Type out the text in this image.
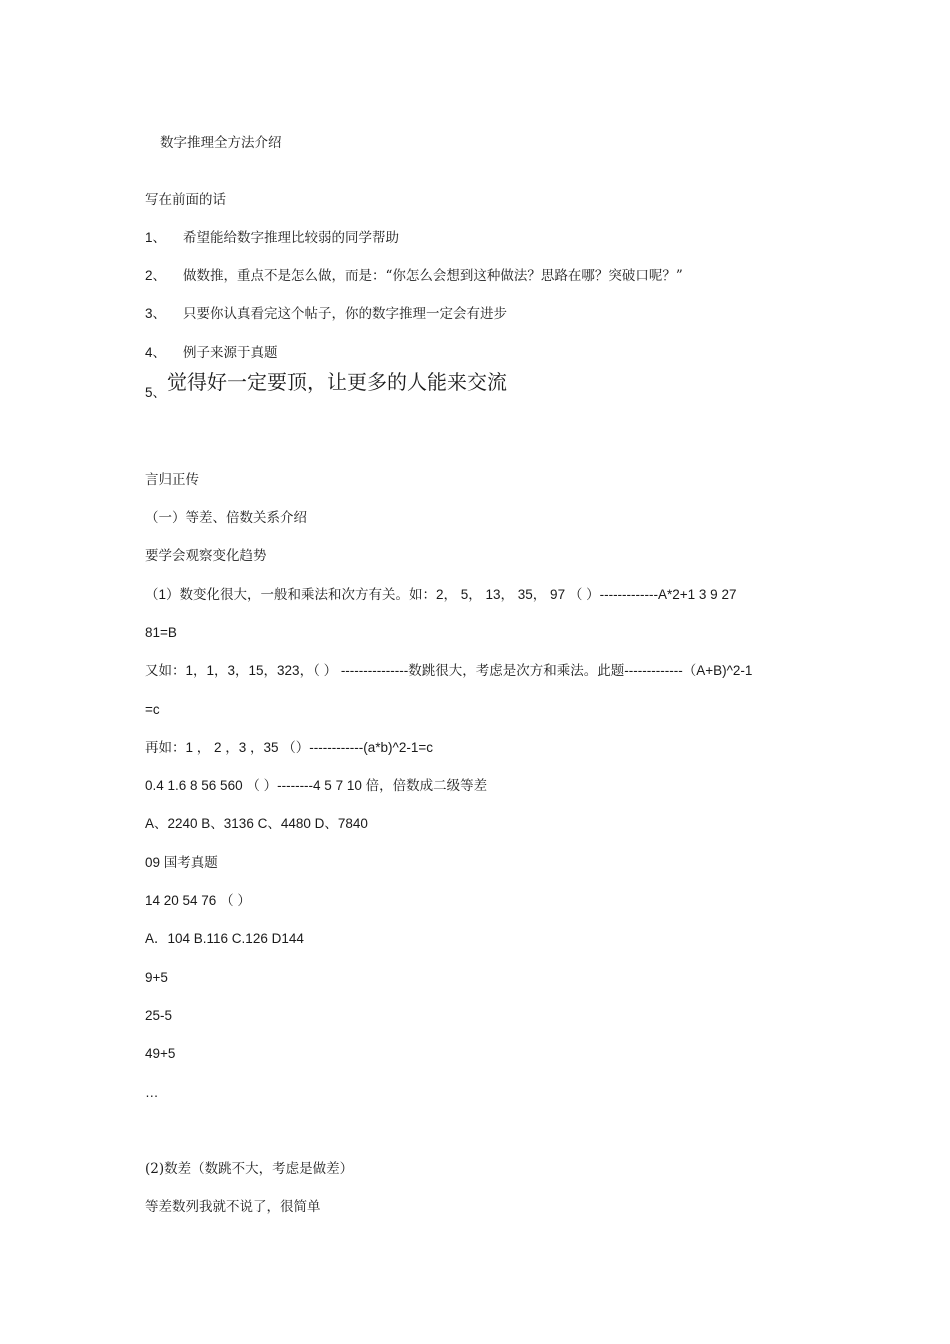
数字推理全方法介绍
写在前面的话
1、 希望能给数字推理比较弱的同学帮助
2、 做数推，重点不是怎么做，而是：“你怎么会想到这种做法？思路在哪？突破口呢？”
3、 只要你认真看完这个帖子，你的数字推理一定会有进步
4、 例子来源于真题
5、觉得好一定要顶，让更多的人能来交流
言归正传
（一）等差、倍数关系介绍
要学会观察变化趋势
（1）数变化很大，一般和乘法和次方有关。如：2， 5， 13， 35， 97 （ ）-------------A*2+1 3 9 27
81=B
又如：1，1，3，15，323，（ ） ---------------数跳很大，考虑是次方和乘法。此题-------------（A+B)^2-1
=c
再如：1 ， 2 ，3 ，35 （）------------(a*b)^2-1=c
0.4 1.6 8 56 560 （ ）--------4 5 7 10 倍，倍数成二级等差
A、2240 B、3136 C、4480 D、7840
09 国考真题
14 20 54 76 （ ）
A．104 B.116 C.126 D144
9+5
25-5
49+5
…
(2)数差（数跳不大，考虑是做差）
等差数列我就不说了，很简单
